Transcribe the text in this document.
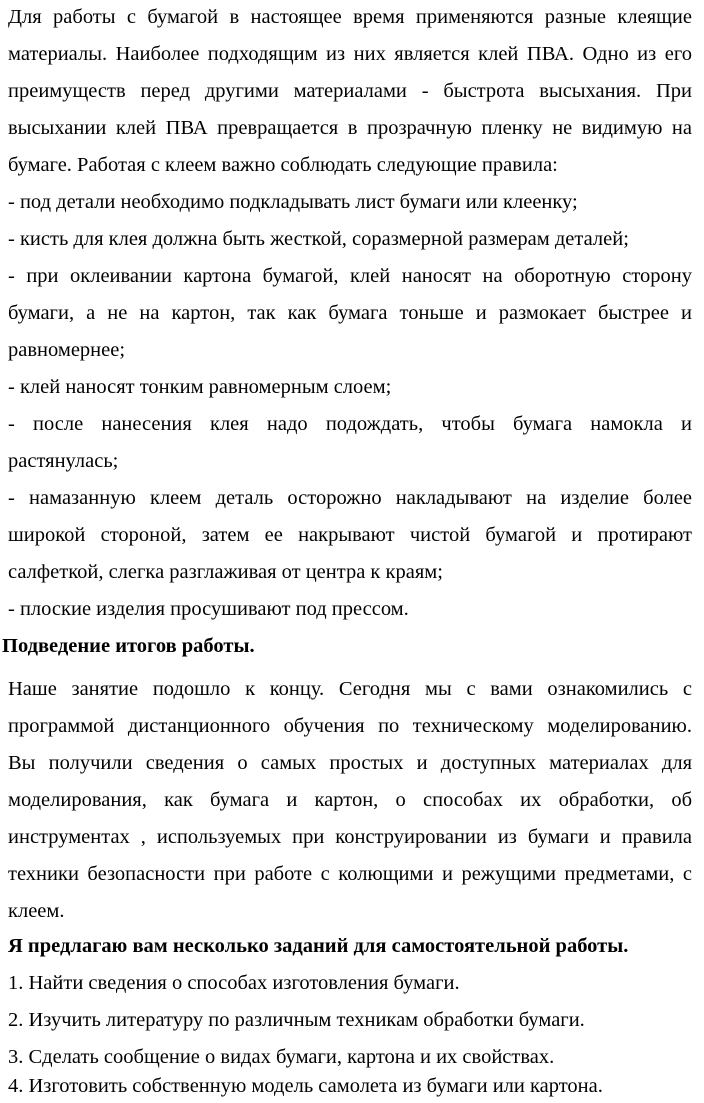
Для работы с бумагой в настоящее время применяются разные клеящие
материалы. Наиболее подходящим из них является клей ПВА. Одно из его
преимуществ перед другими материалами - быстрота высыхания. При
высыхании клей ПВА превращается в прозрачную пленку не видимую на
бумаге. Работая с клеем важно соблюдать следующие правила:
- под детали необходимо подкладывать лист бумаги или клеенку;
- кисть для клея должна быть жесткой, соразмерной размерам деталей;
- при оклеивании картона бумагой, клей наносят на оборотную сторону
бумаги, а не на картон, так как бумага тоньше и размокает быстрее и
равномернее;
- клей наносят тонким равномерным слоем;
- после нанесения клея надо подождать, чтобы бумага намокла и
растянулась;
- намазанную клеем деталь осторожно накладывают на изделие более
широкой стороной, затем ее накрывают чистой бумагой и протирают
салфеткой, слегка разглаживая от центра к краям;
- плоские изделия просушивают под прессом.
Подведение итогов работы.
Наше занятие подошло к концу. Сегодня мы с вами ознакомились с
программой дистанционного обучения по техническому моделированию.
Вы получили сведения о самых простых и доступных материалах для
моделирования, как бумага и картон, о способах их обработки, об
инструментах , используемых при конструировании из бумаги и правила
техники безопасности при работе с колющими и режущими предметами, с
клеем.
Я предлагаю вам несколько заданий для самостоятельной работы.
1. Найти сведения о способах изготовления бумаги.
2. Изучить литературу по различным техникам обработки бумаги.
3. Сделать сообщение о видах бумаги, картона и их свойствах.
4. Изготовить собственную модель самолета из бумаги или картона.
